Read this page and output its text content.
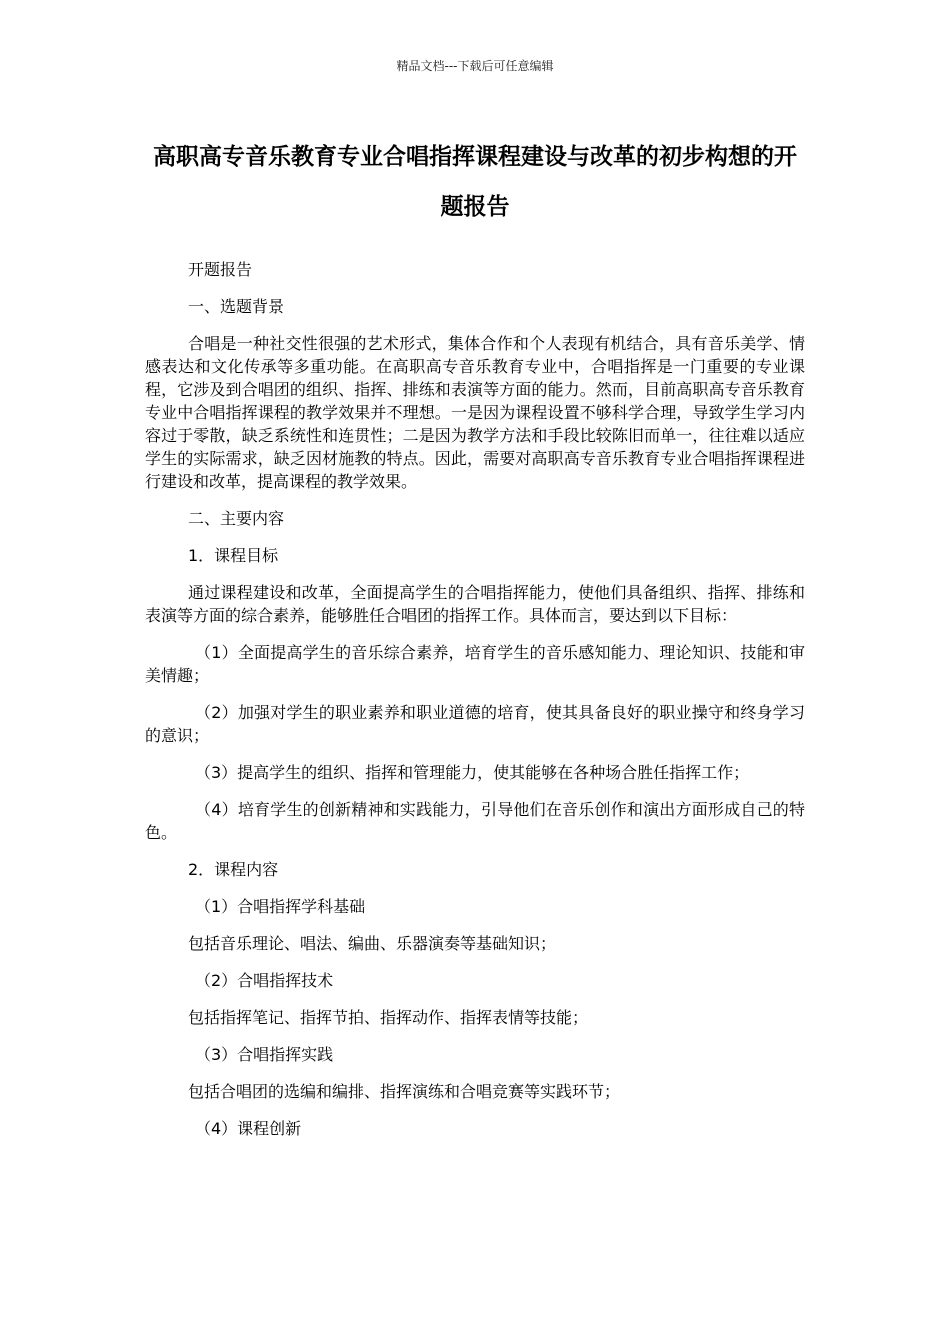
精品文档---下载后可任意编辑
高职高专音乐教育专业合唱指挥课程建设与改革的初步构想的开题报告

开题报告

一、选题背景

合唱是一种社交性很强的艺术形式，集体合作和个人表现有机结合，具有音乐美学、情感表达和文化传承等多重功能。在高职高专音乐教育专业中，合唱指挥是一门重要的专业课程，它涉及到合唱团的组织、指挥、排练和表演等方面的能力。然而，目前高职高专音乐教育专业中合唱指挥课程的教学效果并不理想。一是因为课程设置不够科学合理，导致学生学习内容过于零散，缺乏系统性和连贯性；二是因为教学方法和手段比较陈旧而单一，往往难以适应学生的实际需求，缺乏因材施教的特点。因此，需要对高职高专音乐教育专业合唱指挥课程进行建设和改革，提高课程的教学效果。

二、主要内容

1．课程目标

通过课程建设和改革，全面提高学生的合唱指挥能力，使他们具备组织、指挥、排练和表演等方面的综合素养，能够胜任合唱团的指挥工作。具体而言，要达到以下目标：

（1）全面提高学生的音乐综合素养，培育学生的音乐感知能力、理论知识、技能和审美情趣；

（2）加强对学生的职业素养和职业道德的培育，使其具备良好的职业操守和终身学习的意识；

（3）提高学生的组织、指挥和管理能力，使其能够在各种场合胜任指挥工作；

（4）培育学生的创新精神和实践能力，引导他们在音乐创作和演出方面形成自己的特色。

2．课程内容

（1）合唱指挥学科基础

包括音乐理论、唱法、编曲、乐器演奏等基础知识；

（2）合唱指挥技术

包括指挥笔记、指挥节拍、指挥动作、指挥表情等技能；

（3）合唱指挥实践

包括合唱团的选编和编排、指挥演练和合唱竞赛等实践环节；

（4）课程创新
